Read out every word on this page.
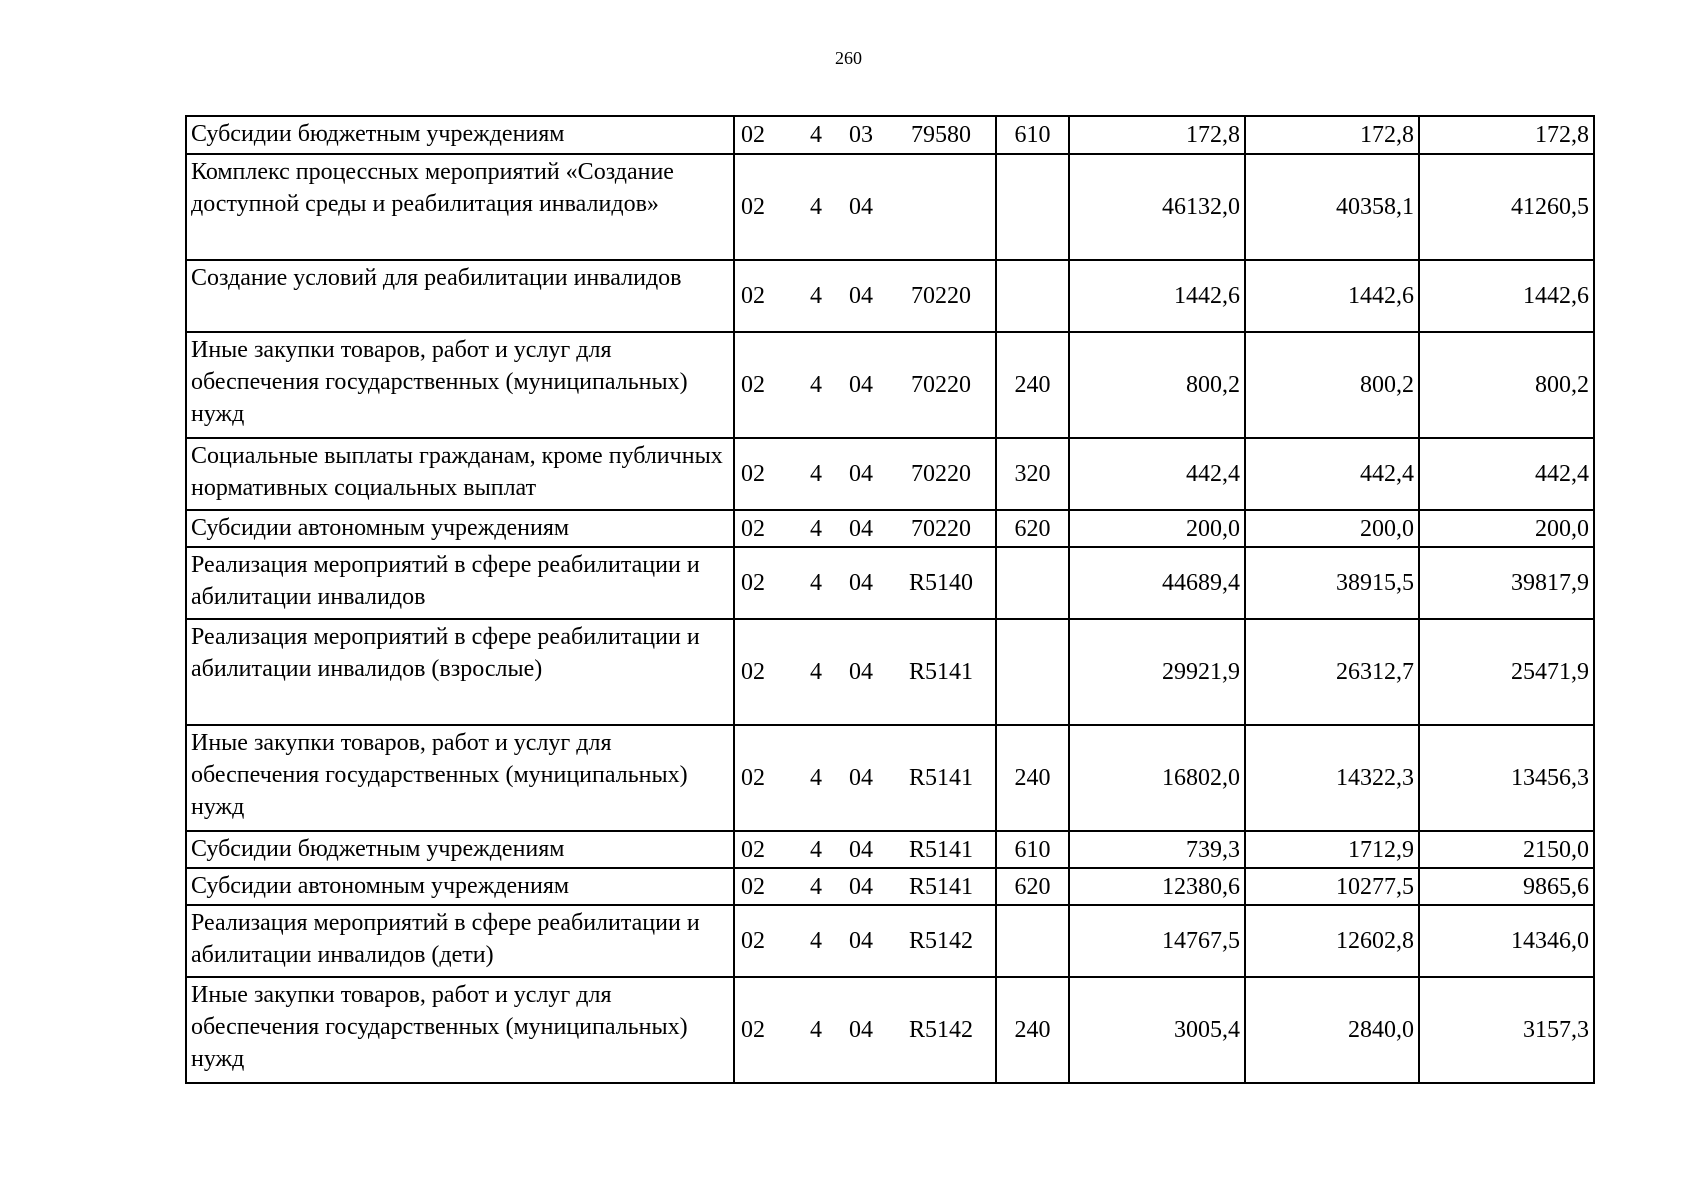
260
Субсидии бюджетным учреждениям	02 4 03 79580	610	172,8	172,8	172,8
Комплекс процессных мероприятий «Создание доступной среды и реабилитация инвалидов»	02 4 04		46132,0	40358,1	41260,5
Создание условий для реабилитации инвалидов	02 4 04 70220		1442,6	1442,6	1442,6
Иные закупки товаров, работ и услуг для обеспечения государственных (муниципальных) нужд	02 4 04 70220	240	800,2	800,2	800,2
Социальные выплаты гражданам, кроме публичных нормативных социальных выплат	02 4 04 70220	320	442,4	442,4	442,4
Субсидии автономным учреждениям	02 4 04 70220	620	200,0	200,0	200,0
Реализация мероприятий в сфере реабилитации и абилитации инвалидов	02 4 04 R5140		44689,4	38915,5	39817,9
Реализация мероприятий в сфере реабилитации и абилитации инвалидов (взрослые)	02 4 04 R5141		29921,9	26312,7	25471,9
Иные закупки товаров, работ и услуг для обеспечения государственных (муниципальных) нужд	02 4 04 R5141	240	16802,0	14322,3	13456,3
Субсидии бюджетным учреждениям	02 4 04 R5141	610	739,3	1712,9	2150,0
Субсидии автономным учреждениям	02 4 04 R5141	620	12380,6	10277,5	9865,6
Реализация мероприятий в сфере реабилитации и абилитации инвалидов (дети)	02 4 04 R5142		14767,5	12602,8	14346,0
Иные закупки товаров, работ и услуг для обеспечения государственных (муниципальных) нужд	02 4 04 R5142	240	3005,4	2840,0	3157,3
